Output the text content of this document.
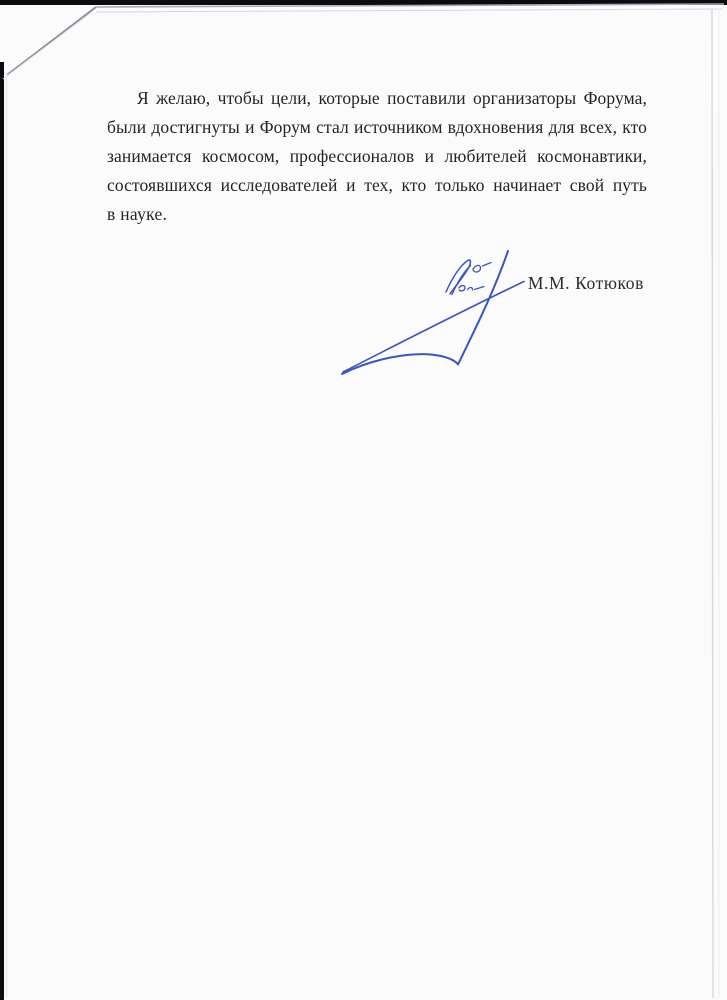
Я желаю, чтобы цели, которые поставили организаторы Форума,
были достигнуты и Форум стал источником вдохновения для всех, кто
занимается космосом, профессионалов и любителей космонавтики,
состоявшихся исследователей и тех, кто только начинает свой путь
в науке.
М.М. Котюков
